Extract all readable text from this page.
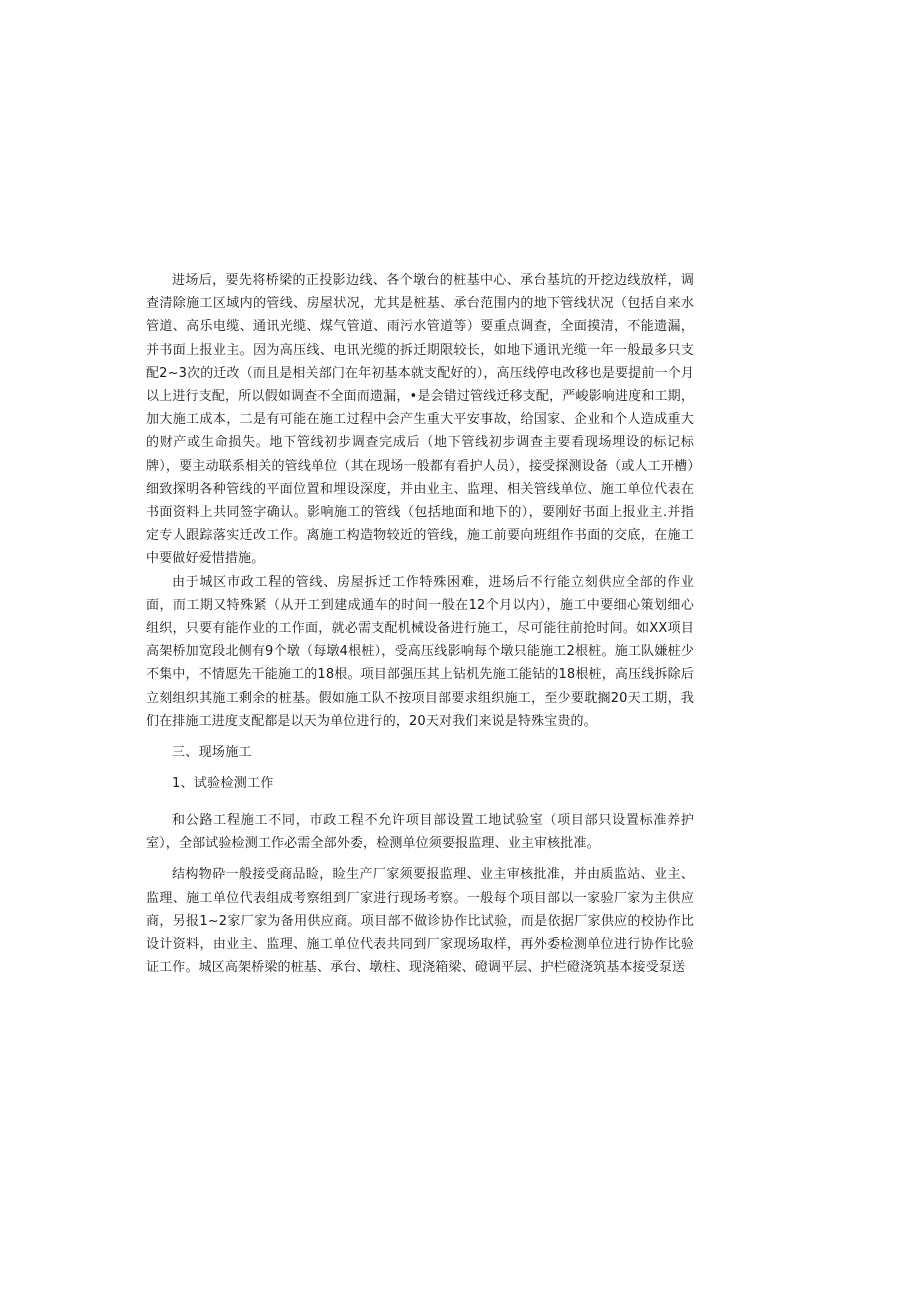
进场后，要先将桥梁的正投影边线、各个墩台的桩基中心、承台基坑的开挖边线放样，调查清除施工区域内的管线、房屋状况，尤其是桩基、承台范围内的地下管线状况（包括自来水管道、高乐电缆、通讯光缆、煤气管道、雨污水管道等）要重点调查，全面摸清，不能遗漏，并书面上报业主。因为高压线、电讯光缆的拆迁期限较长，如地下通讯光缆一年一般最多只支配2~3次的迁改（而且是相关部门在年初基本就支配好的），高压线停电改移也是要提前一个月以上进行支配，所以假如调查不全面而遗漏，•是会错过管线迁移支配，严峻影响进度和工期，加大施工成本，二是有可能在施工过程中会产生重大平安事故，给国家、企业和个人造成重大的财产或生命损失。地下管线初步调查完成后（地下管线初步调查主要看现场埋设的标记标牌），要主动联系相关的管线单位（其在现场一般都有看护人员），接受探测设备（或人工开槽）细致探明各种管线的平面位置和埋设深度，并由业主、监理、相关管线单位、施工单位代表在书面资料上共同签字确认。影响施工的管线（包括地面和地下的），要刚好书面上报业主.并指定专人跟踪落实迁改工作。离施工构造物较近的管线，施工前要向班组作书面的交底，在施工中要做好爱惜措施。

由于城区市政工程的管线、房屋拆迁工作特殊困难，进场后不行能立刻供应全部的作业面，而工期又特殊紧（从开工到建成通车的时间一般在12个月以内），施工中要细心策划细心组织，只要有能作业的工作面，就必需支配机械设备进行施工，尽可能往前抢时间。如XX项目高架桥加宽段北侧有9个墩（每墩4根桩），受高压线影响每个墩只能施工2根桩。施工队嫌桩少不集中，不情愿先干能施工的18根。项目部强压其上钻机先施工能钻的18根桩，高压线拆除后立刻组织其施工剩余的桩基。假如施工队不按项目部要求组织施工，至少要耽搁20天工期，我们在排施工进度支配都是以天为单位进行的，20天对我们来说是特殊宝贵的。

三、现场施工

1、试验检测工作

和公路工程施工不同，市政工程不允许项目部设置工地试验室（项目部只设置标准养护室），全部试验检测工作必需全部外委，检测单位须要报监理、业主审核批准。

结构物砕一般接受商品睑，睑生产厂家须要报监理、业主审核批准，并由质监站、业主、监理、施工单位代表组成考察组到厂家进行现场考察。一般每个项目部以一家验厂家为主供应商，另报1~2家厂家为备用供应商。项目部不做诊协作比试验，而是依据厂家供应的校协作比设计资料，由业主、监理、施工单位代表共同到厂家现场取样，再外委检测单位进行协作比验证工作。城区高架桥梁的桩基、承台、墩柱、现浇箱梁、磴调平层、护栏磴浇筑基本接受泵送
